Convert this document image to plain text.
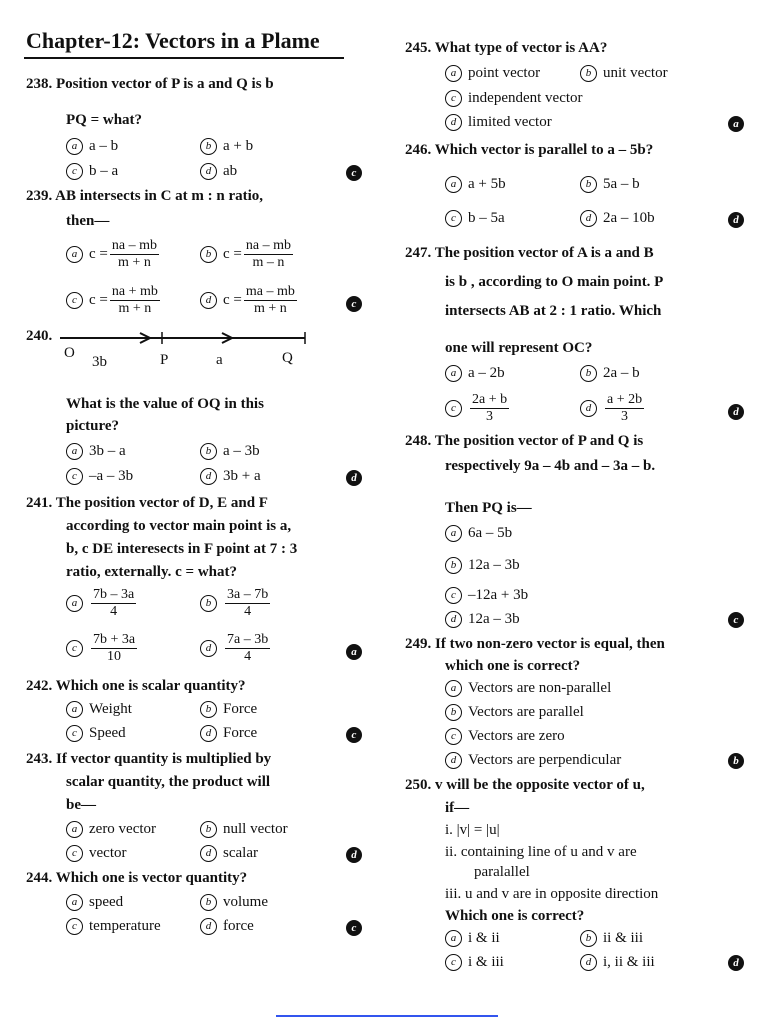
Chapter-12: Vectors in a Plame
238. Position vector of P is a and Q is b
PQ = what?
a a – b	b a + b
c b – a	d ab	c
239. AB intersects in C at m : n ratio,
then—
a $c = \frac{na - mb}{m + n}$	b $c = \frac{na - mb}{m - n}$
c $c = \frac{na + mb}{m + n}$	d $c = \frac{ma - mb}{m + n}$	c
240.
O
3b	P	a	Q
What is the value of OQ in this
picture?
a 3b – a	b a – 3b
c –a – 3b	d 3b + a	d
241. The position vector of D, E and F
according to vector main point is a,
b, c DE interesects in F point at 7 : 3
ratio, externally. c = what?
a $\frac{7b - 3a}{4}$	b $\frac{3a - 7b}{4}$
c $\frac{7b + 3a}{10}$	d $\frac{7a - 3b}{4}$	a
242. Which one is scalar quantity?
a Weight	b Force
c Speed	d Force	c
243. If vector quantity is multiplied by
scalar quantity, the product will
be—
a zero vector	b null vector
c vector	d scalar	d
244. Which one is vector quantity?
a speed	b volume
c temperature	d force	c
245. What type of vector is AA?
a point vector	b unit vector
c independent vector
d limited vector	a
246. Which vector is parallel to a – 5b?
a a + 5b	b 5a – b
c b – 5a	d 2a – 10b	d
247. The position vector of A is a and B
is b , according to O main point. P
intersects AB at 2 : 1 ratio. Which
one will represent OC?
a a – 2b	b 2a – b
c $\frac{2a + b}{3}$	d $\frac{a + 2b}{3}$	d
248. The position vector of P and Q is
respectively 9a – 4b and – 3a – b.
Then PQ is—
a 6a – 5b
b 12a – 3b
c –12a + 3b
d 12a – 3b	c
249. If two non-zero vector is equal, then
which one is correct?
a Vectors are non-parallel
b Vectors are parallel
c Vectors are zero
d Vectors are perpendicular	b
250. v will be the opposite vector of u,
if—
i. |v| = |u|
ii. containing line of u and v are
paralallel
iii. u and v are in opposite direction
Which one is correct?
a i & ii	b ii & iii
c i & iii	d i, ii & iii	d
